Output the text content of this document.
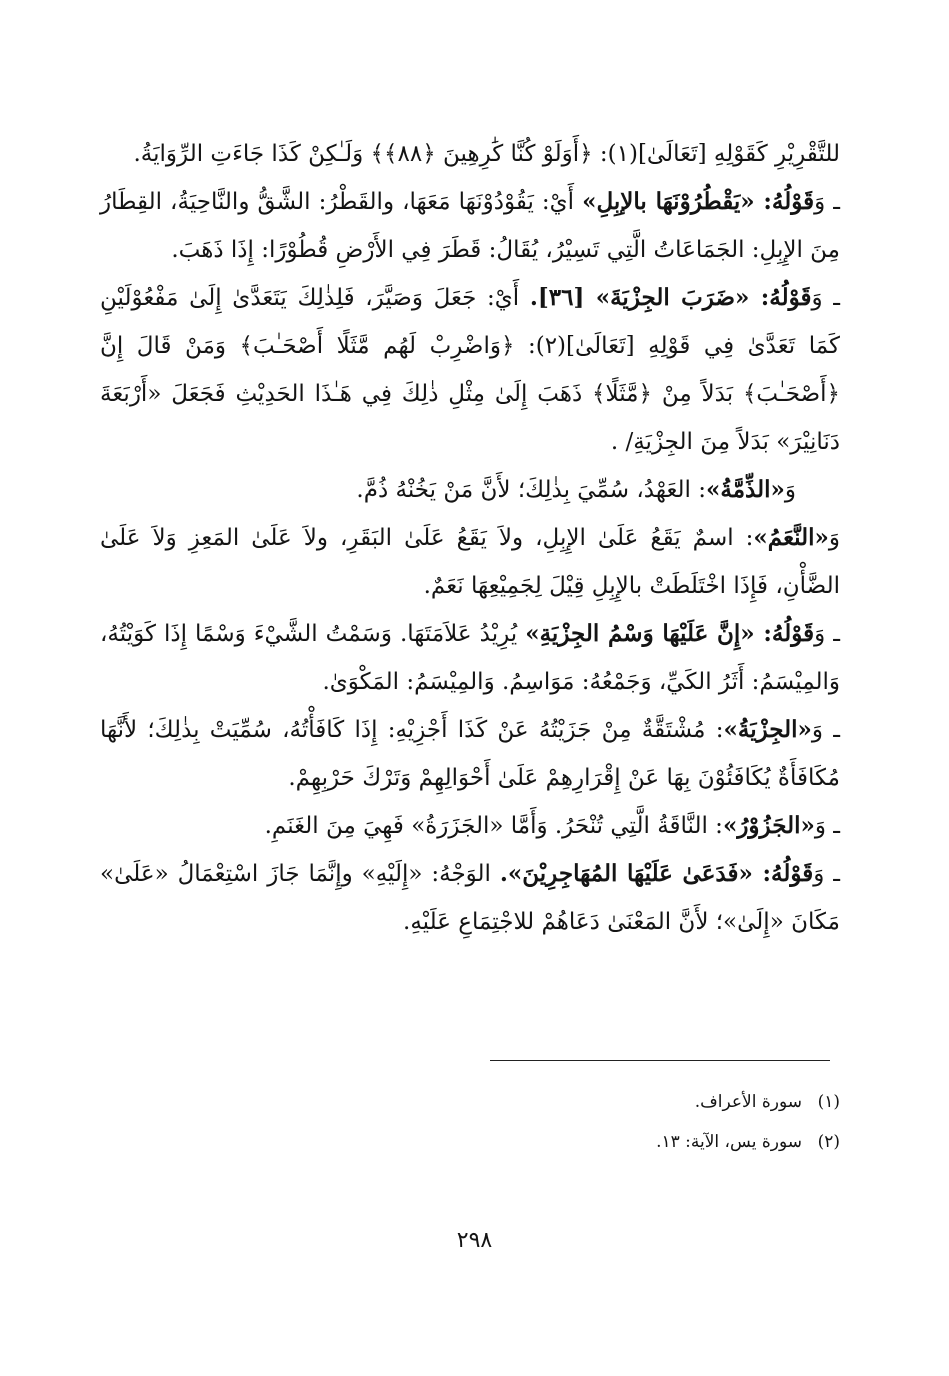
للتَّقْرِيْرِ كَقَوْلِهِ [تَعَالَىٰ](١): ﴿أَوَلَوْ كُنَّا كَٰرِهِينَ ﴿٨٨﴾﴾ وَلَـٰكِنْ كَذَا جَاءَتِ الرِّوَايَةُ.

ـ وَقَوْلُهُ: «يَقْطُرُوْنَهَا بالإبِلِ» أَيْ: يَقُوْدُوْنَهَا مَعَهَا، والقَطْرُ: الشَّقُّ والنَّاحِيَةُ، القِطَارُ مِنَ الإِبِلِ: الجَمَاعَاتُ الَّتِي تَسِيْرُ، يُقَالُ: قَطَرَ فِي الأَرْضِ قُطُوْرًا: إِذَا ذَهَبَ.

ـ وَقَوْلُهُ: «ضَرَبَ الجِزْيَةَ» [٣٦]. أَيْ: جَعَلَ وَصَيَّرَ، فَلِذٰلِكَ يَتَعَدَّىٰ إِلَىٰ مَفْعُوْلَيْنِ كَمَا تَعَدَّىٰ فِي قَوْلِهِ [تَعَالَىٰ](٢): ﴿وَاضْرِبْ لَهُم مَّثَلًا أَصْحَـٰبَ﴾ وَمَنْ قَالَ إِنَّ ﴿أَصْحَـٰبَ﴾ بَدَلاً مِنْ ﴿مَّثَلًا﴾ ذَهَبَ إِلَىٰ مِثْلِ ذٰلِكَ فِي هَـٰذَا الحَدِيْثِ فَجَعَلَ «أَرْبَعَةَ دَنَانِيْرَ» بَدَلاً مِنَ الجِزْيَةِ/ .

وَ«الذِّمَّةُ»: العَهْدُ، سُمِّيَ بِذٰلِكَ؛ لأَنَّ مَنْ يَخُنْهُ ذُمَّ.

وَ«النَّعَمُ»: اسمٌ يَقَعُ عَلَىٰ الإِبِلِ، ولاَ يَقَعُ عَلَىٰ البَقَرِ، ولاَ عَلَىٰ المَعِزِ وَلاَ عَلَىٰ الضَّأْنِ، فَإِذَا اخْتَلَطَتْ بالإِبِلِ قِيْلَ لِجَمِيْعِهَا نَعَمٌ.

ـ وَقَوْلُهُ: «إِنَّ عَلَيْهَا وَسْمُ الجِزْيَةِ» يُرِيْدُ عَلاَمَتَهَا. وَسَمْتُ الشَّيْءَ وَسْمًا إِذَا كَوَيْتُهُ، وَالمِيْسَمُ: أَثَرُ الكَيِّ، وَجَمْعُهُ: مَوَاسِمُ. وَالمِيْسَمُ: المَكْوَىٰ.

ـ وَ«الجِزْيَةُ»: مُشْتَقَّةٌ مِنْ جَزَيْتُهُ عَنْ كَذَا أَجْزِيْهِ: إِذَا كَافَأْتُهُ، سُمِّيَتْ بِذٰلِكَ؛ لأَنَّهَا مُكَافَأَةٌ يُكَافَئُوْنَ بِهَا عَنْ إِقْرَارِهِمْ عَلَىٰ أَحْوَالِهِمْ وَتَرْكَ حَرْبِهِمْ.

ـ وَ«الجَزُوْرُ»: النَّاقَةُ الَّتِي تُنْحَرُ. وَأَمَّا «الجَزَرَةُ» فَهِيَ مِنَ الغَنَمِ.

ـ وَقَوْلُهُ: «فَدَعَىٰ عَلَيْهَا المُهَاجِرِيْنَ». الوَجْهُ: «إِلَيْهِ» وإِنَّمَا جَازَ اسْتِعْمَالُ «عَلَىٰ» مَكَانَ «إِلَىٰ»؛ لأَنَّ المَعْنَىٰ دَعَاهُمْ للاجْتِمَاعِ عَلَيْهِ.

(١)سورة الأعراف.

(٢)سورة يس، الآية: ١٣.

٢٩٨
